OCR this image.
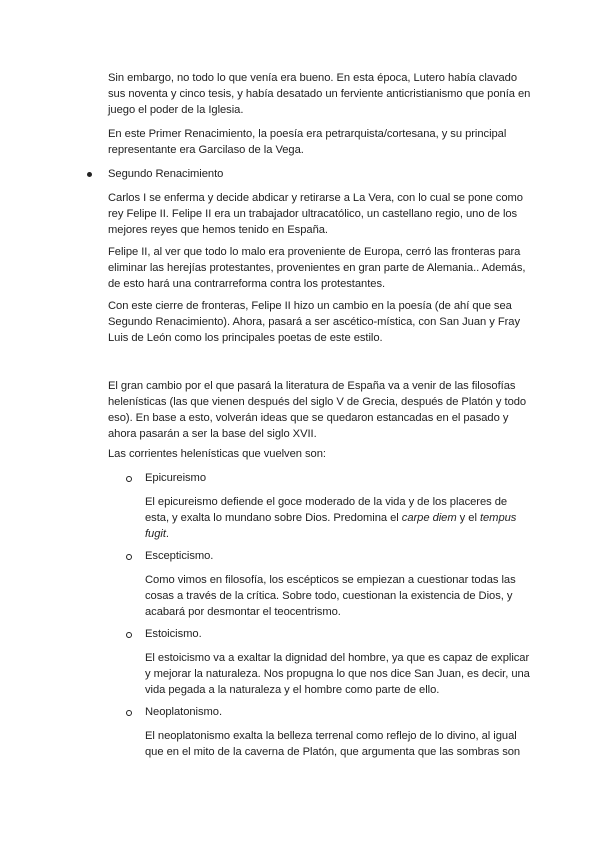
Sin embargo, no todo lo que venía era bueno. En esta época, Lutero había clavado sus noventa y cinco tesis, y había desatado un ferviente anticristianismo que ponía en juego el poder de la Iglesia.

En este Primer Renacimiento, la poesía era petrarquista/cortesana, y su principal representante era Garcilaso de la Vega.

Segundo Renacimiento

Carlos I se enferma y decide abdicar y retirarse a La Vera, con lo cual se pone como rey Felipe II. Felipe II era un trabajador ultracatólico, un castellano regio, uno de los mejores reyes que hemos tenido en España.

Felipe II, al ver que todo lo malo era proveniente de Europa, cerró las fronteras para eliminar las herejías protestantes, provenientes en gran parte de Alemania.. Además, de esto hará una contrarreforma contra los protestantes.

Con este cierre de fronteras, Felipe II hizo un cambio en la poesía (de ahí que sea Segundo Renacimiento). Ahora, pasará a ser ascético-mística, con San Juan y Fray Luis de León como los principales poetas de este estilo.

El gran cambio por el que pasará la literatura de España va a venir de las filosofías helenísticas (las que vienen después del siglo V de Grecia, después de Platón y todo eso). En base a esto, volverán ideas que se quedaron estancadas en el pasado y ahora pasarán a ser la base del siglo XVII.

Las corrientes helenísticas que vuelven son:

Epicureismo

El epicureismo defiende el goce moderado de la vida y de los placeres de esta, y exalta lo mundano sobre Dios. Predomina el carpe diem y el tempus fugit.

Escepticismo.

Como vimos en filosofía, los escépticos se empiezan a cuestionar todas las cosas a través de la crítica. Sobre todo, cuestionan la existencia de Dios, y acabará por desmontar el teocentrismo.

Estoicismo.

El estoicismo va a exaltar la dignidad del hombre, ya que es capaz de explicar y mejorar la naturaleza. Nos propugna lo que nos dice San Juan, es decir, una vida pegada a la naturaleza y el hombre como parte de ello.

Neoplatonismo.

El neoplatonismo exalta la belleza terrenal como reflejo de lo divino, al igual que en el mito de la caverna de Platón, que argumenta que las sombras son
